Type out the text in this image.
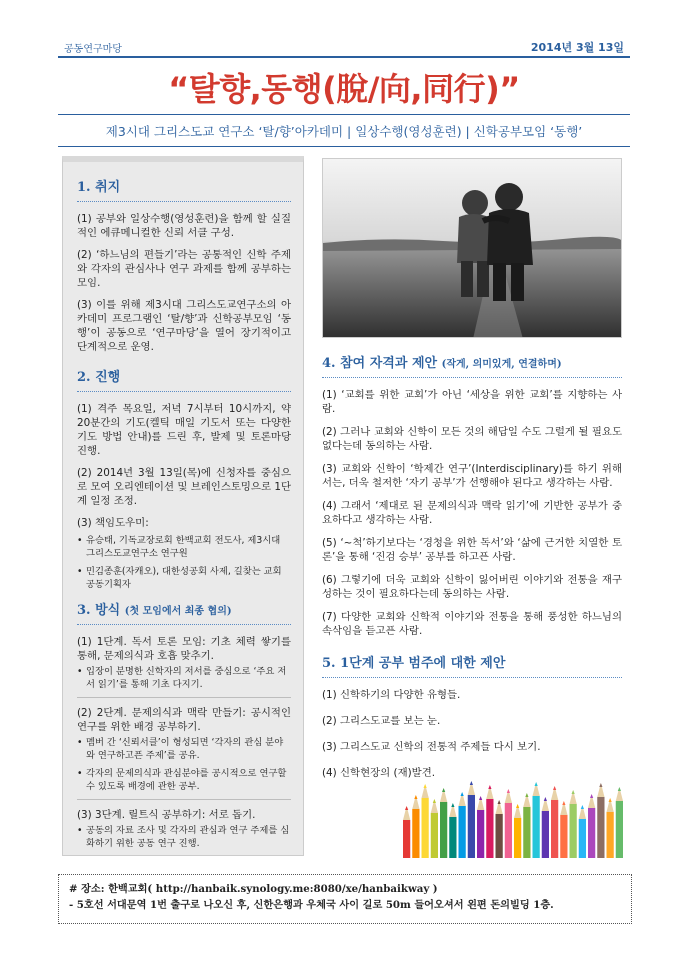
공동연구마당	2014년 3월 13일
“탈향,동행(脫/向,同行)”
제3시대 그리스도교 연구소 ‘탈/향’아카데미 | 일상수행(영성훈련) | 신학공부모임 ‘동행’
1. 취지

(1) 공부와 일상수행(영성훈련)을 함께 할 실질적인 에큐메니컬한 신뢰 서클 구성.

(2) ‘하느님의 편들기’라는 공통적인 신학 주제와 각자의 관심사나 연구 과제를 함께 공부하는 모임.

(3) 이를 위해 제3시대 그리스도교연구소의 아카데미 프로그램인 ‘탈/향’과 신학공부모임 ‘동행’이 공동으로 ‘연구마당’을 열어 장기적이고 단계적으로 운영.

2. 진행

(1) 격주 목요일, 저녁 7시부터 10시까지, 약 20분간의 기도(켈틱 매일 기도서 또는 다양한 기도 방법 안내)를 드린 후, 발제 및 토론마당 진행.

(2) 2014년 3월 13일(목)에 신청자를 중심으로 모여 오리엔테이션 및 브레인스토밍으로 1단계 일정 조정.

(3) 책임도우미:

• 유승태, 기독교장로회 한백교회 전도사, 제3시대 그리스도교연구소 연구원
• 민김종훈(자캐오), 대한성공회 사제, 길찾는 교회 공동기획자
3. 방식 (첫 모임에서 최종 협의)

(1) 1단계. 독서 토론 모임: 기초 체력 쌓기를 통해, 문제의식과 호흡 맞추기.

• 입장이 분명한 신학자의 저서를 중심으로 ‘주요 저서 읽기’를 통해 기초 다지기.

(2) 2단계. 문제의식과 맥락 만들기: 공시적인 연구를 위한 배경 공부하기.

• 멤버 간 ‘신뢰서클’이 형성되면 ‘각자의 관심 분야와 연구하고픈 주제’를 공유.
• 각자의 문제의식과 관심분야를 공시적으로 연구할 수 있도록 배경에 관한 공부.

(3) 3단계. 릴트식 공부하기: 서로 돕기.

• 공동의 자료 조사 및 각자의 관심과 연구 주제를 심화하기 위한 공동 연구 진행.
4. 참여 자격과 제안 (작게, 의미있게, 연결하며)

(1) ‘교회를 위한 교회’가 아닌 ‘세상을 위한 교회’를 지향하는 사람.

(2) 그러나 교회와 신학이 모든 것의 해답일 수도 그럴게 될 필요도 없다는데 동의하는 사람.

(3) 교회와 신학이 ‘학제간 연구’(Interdisciplinary)를 하기 위해서는, 더욱 철저한 ‘자기 공부’가 선행해야 된다고 생각하는 사람.

(4) 그래서 ‘제대로 된 문제의식과 맥락 읽기’에 기반한 공부가 중요하다고 생각하는 사람.

(5) ‘~척’하기보다는 ‘경청을 위한 독서’와 ‘삶에 근거한 치열한 토론’을 통해 ‘진검 승부’ 공부를 하고픈 사람.

(6) 그렇기에 더욱 교회와 신학이 잃어버린 이야기와 전통을 재구성하는 것이 필요하다는데 동의하는 사람.

(7) 다양한 교회와 신학적 이야기와 전통을 통해 풍성한 하느님의 속삭임을 듣고픈 사람.

5. 1단계 공부 범주에 대한 제안

(1) 신학하기의 다양한 유형들.

(2) 그리스도교를 보는 눈.

(3) 그리스도교 신학의 전통적 주제들 다시 보기.

(4) 신학현장의 (재)발견.

# 장소: 한백교회( http://hanbaik.synology.me:8080/xe/hanbaikway )
- 5호선 서대문역 1번 출구로 나오신 후, 신한은행과 우체국 사이 길로 50m 들어오셔서 왼편 돈의빌딩 1층.
